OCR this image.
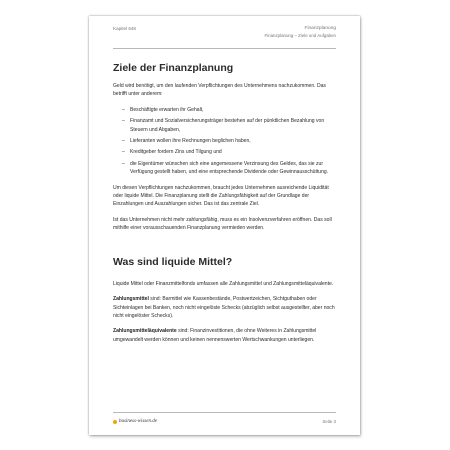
Kapitel 648	Finanzplanung
Finanzplanung – Ziele und Aufgaben
Ziele der Finanzplanung

Geld wird benötigt, um den laufenden Verpflichtungen des Unternehmens nachzukommen. Das betrifft unter anderem:

– Beschäftigte erwarten ihr Gehalt,
– Finanzamt und Sozialversicherungsträger bestehen auf der pünktlichen Bezahlung von Steuern und Abgaben,
– Lieferanten wollen ihre Rechnungen beglichen haben,
– Kreditgeber fordern Zins und Tilgung und
– die Eigentümer wünschen sich eine angemessene Verzinsung des Geldes, das sie zur Verfügung gestellt haben, und eine entsprechende Dividende oder Gewinnausschüttung.

Um diesen Verpflichtungen nachzukommen, braucht jedes Unternehmen ausreichende Liquidität oder liquide Mittel. Die Finanzplanung stellt die Zahlungsfähigkeit auf der Grundlage der Einzahlungen und Auszahlungen sicher. Das ist das zentrale Ziel.

Ist das Unternehmen nicht mehr zahlungsfähig, muss es ein Insolvenzverfahren eröffnen. Das soll mithilfe einer vorausschauenden Finanzplanung vermieden werden.

Was sind liquide Mittel?

Liquide Mittel oder Finanzmittelfonds umfassen alle Zahlungsmittel und Zahlungsmitteläquivalente.

Zahlungsmittel sind: Barmittel wie Kassenbestände, Postwertzeichen, Sichtguthaben oder Sichteinlagen bei Banken, noch nicht eingelöste Schecks (abzüglich selbst ausgestellter, aber noch nicht eingelöster Schecks).

Zahlungsmitteläquivalente sind: Finanzinvestitionen, die ohne Weiteres in Zahlungsmittel umgewandelt werden können und keinen nennenswerten Wertschwankungen unterliegen.

business-wissen.de	Seite 3
